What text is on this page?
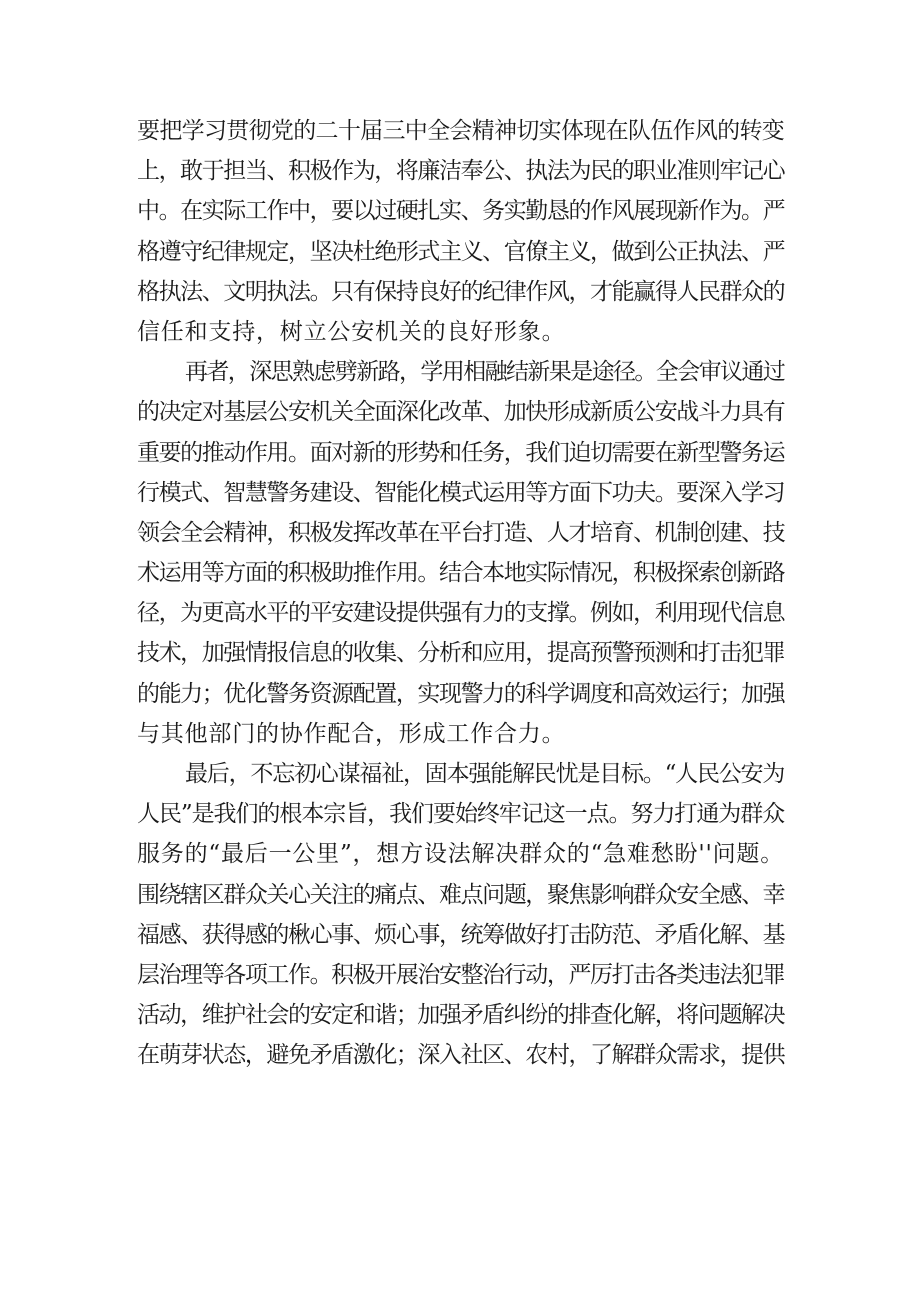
要把学习贯彻党的二十届三中全会精神切实体现在队伍作风的转变
上，敢于担当、积极作为，将廉洁奉公、执法为民的职业准则牢记心
中。在实际工作中，要以过硬扎实、务实勤恳的作风展现新作为。严
格遵守纪律规定，坚决杜绝形式主义、官僚主义，做到公正执法、严
格执法、文明执法。只有保持良好的纪律作风，才能赢得人民群众的
信任和支持，树立公安机关的良好形象。
再者，深思熟虑劈新路，学用相融结新果是途径。全会审议通过
的决定对基层公安机关全面深化改革、加快形成新质公安战斗力具有
重要的推动作用。面对新的形势和任务，我们迫切需要在新型警务运
行模式、智慧警务建设、智能化模式运用等方面下功夫。要深入学习
领会全会精神，积极发挥改革在平台打造、人才培育、机制创建、技
术运用等方面的积极助推作用。结合本地实际情况，积极探索创新路
径，为更高水平的平安建设提供强有力的支撑。例如，利用现代信息
技术，加强情报信息的收集、分析和应用，提高预警预测和打击犯罪
的能力；优化警务资源配置，实现警力的科学调度和高效运行；加强
与其他部门的协作配合，形成工作合力。
最后，不忘初心谋福祉，固本强能解民忧是目标。“人民公安为
人民”是我们的根本宗旨，我们要始终牢记这一点。努力打通为群众
服务的“最后一公里”，想方设法解决群众的“急难愁盼''问题。
围绕辖区群众关心关注的痛点、难点问题，聚焦影响群众安全感、幸
福感、获得感的楸心事、烦心事，统筹做好打击防范、矛盾化解、基
层治理等各项工作。积极开展治安整治行动，严厉打击各类违法犯罪
活动，维护社会的安定和谐；加强矛盾纠纷的排查化解，将问题解决
在萌芽状态，避免矛盾激化；深入社区、农村，了解群众需求，提供
